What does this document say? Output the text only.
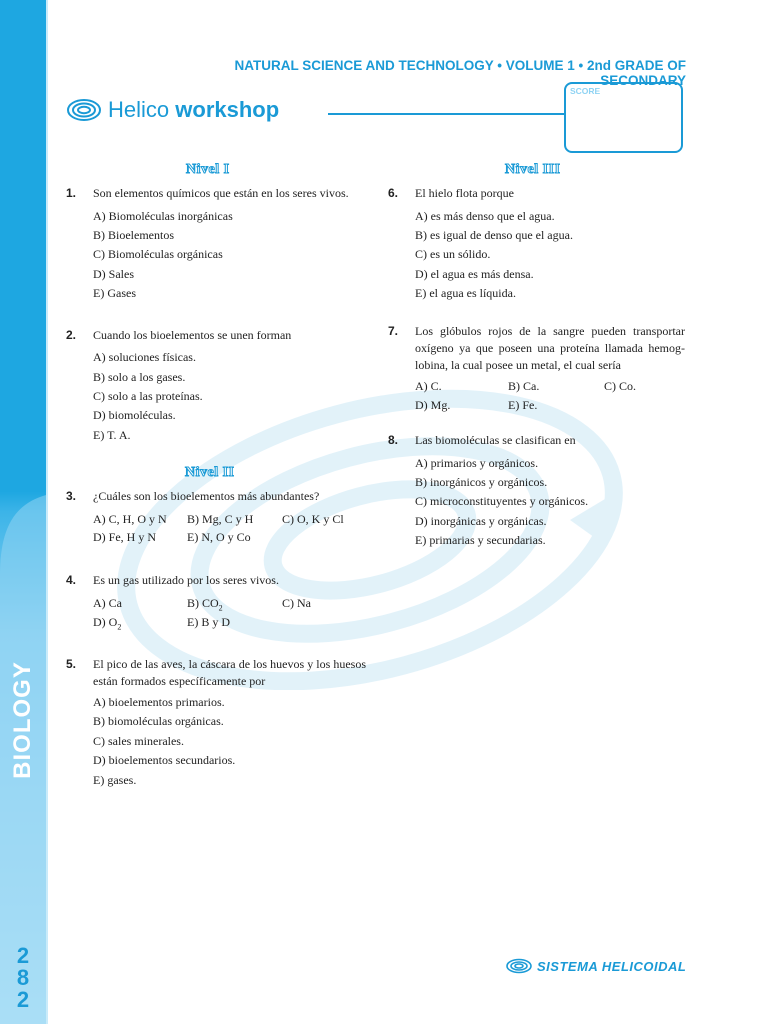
BIOLOGY
2
8
2
NATURAL SCIENCE AND TECHNOLOGY • VOLUME 1 • 2nd GRADE OF SECONDARY
Helico workshop
SCORE
Nivel I	Nivel III
Nivel II
1. Son elementos químicos que están en los seres vivos.
A) Biomoléculas inorgánicas
B) Bioelementos
C) Biomoléculas orgánicas
D) Sales
E) Gases
2. Cuando los bioelementos se unen forman
A) soluciones físicas.
B) solo a los gases.
C) solo a las proteínas.
D) biomoléculas.
E) T. A.
3. ¿Cuáles son los bioelementos más abundantes?
A) C, H, O y N B) Mg, C y H C) O, K y Cl
D) Fe, H y N	E) N, O y Co
4. Es un gas utilizado por los seres vivos.
A) Ca	B) $CO_2$	C) Na
D) $O_2$	E) B y D
5. El pico de las aves, la cáscara de los huevos y los huesos están formados específicamente por
A) bioelementos primarios.
B) biomoléculas orgánicas.
C) sales minerales.
D) bioelementos secundarios.
E) gases.
6. El hielo flota porque
A) es más denso que el agua.
B) es igual de denso que el agua.
C) es un sólido.
D) el agua es más densa.
E) el agua es líquida.
7. Los glóbulos rojos de la sangre pueden transportar oxígeno ya que poseen una proteína llamada hemog-lobina, la cual posee un metal, el cual sería
A) C.	B) Ca.	C) Co.
D) Mg.	E) Fe.
8. Las biomoléculas se clasifican en
A) primarios y orgánicos.
B) inorgánicos y orgánicos.
C) microconstituyentes y orgánicos.
D) inorgánicas y orgánicas.
E) primarias y secundarias.
SISTEMA HELICOIDAL
